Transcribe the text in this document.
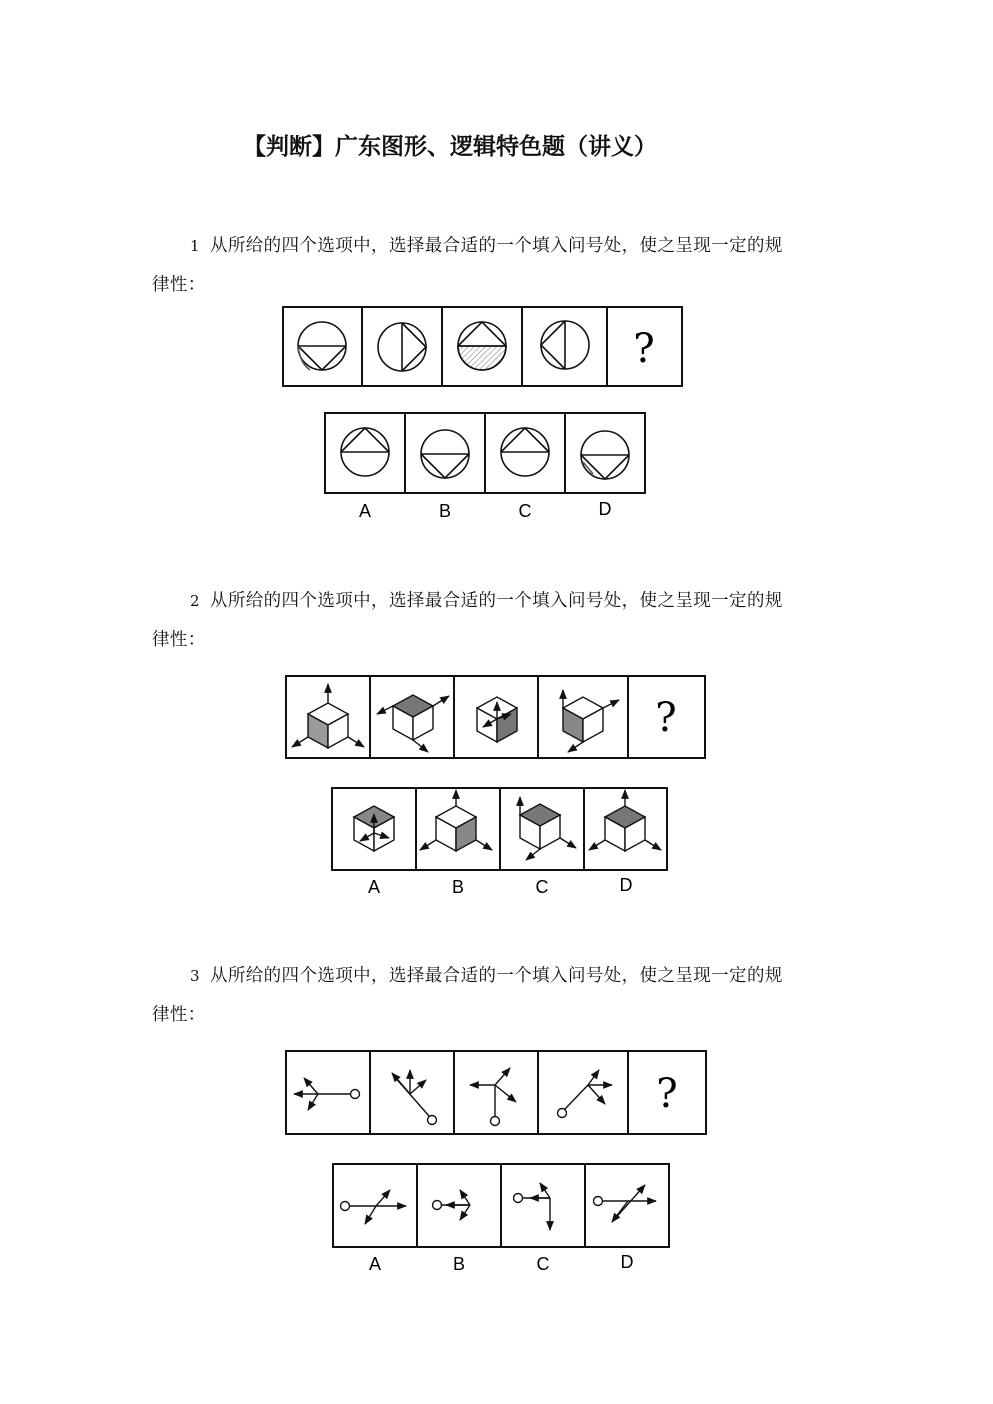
【判断】广东图形、逻辑特色题（讲义）
1 从所给的四个选项中，选择最合适的一个填入问号处，使之呈现一定的规
律性：
?
A	B	C	D
2 从所给的四个选项中，选择最合适的一个填入问号处，使之呈现一定的规
律性：
?
A	B	C	D
3 从所给的四个选项中，选择最合适的一个填入问号处，使之呈现一定的规
律性：
?
A	B	C	D
